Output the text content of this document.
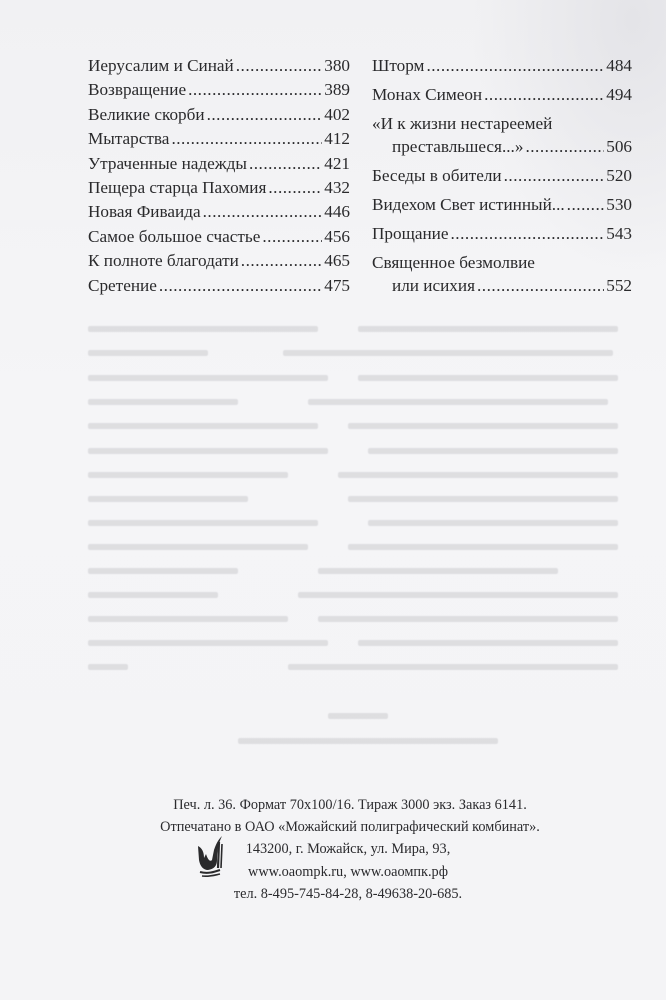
Иерусалим и Синай .....	380
Возвращение .....	389
Великие скорби .....	402
Мытарства .....	412
Утраченные надежды .....	421
Пещера старца Пахомия .....	432
Новая Фиваида .....	446
Самое большое счастье .....	456
К полноте благодати .....	465
Сретение .....	475
Шторм .....	484
Монах Симеон .....	494
«И к жизни нестареемей
преставльшеся...» .....	506
Беседы в обители .....	520
Видехом Свет истинный... ..... 530
Прощание .....	543
Священное безмолвие
или исихия .....	552
Печ. л. 36. Формат 70x100/16. Тираж 3000 экз. Заказ 6141.
Отпечатано в ОАО «Можайский полиграфический комбинат».
143200, г. Можайск, ул. Мира, 93,
www.oaompk.ru, www.оаомпк.рф
тел. 8-495-745-84-28, 8-49638-20-685.
